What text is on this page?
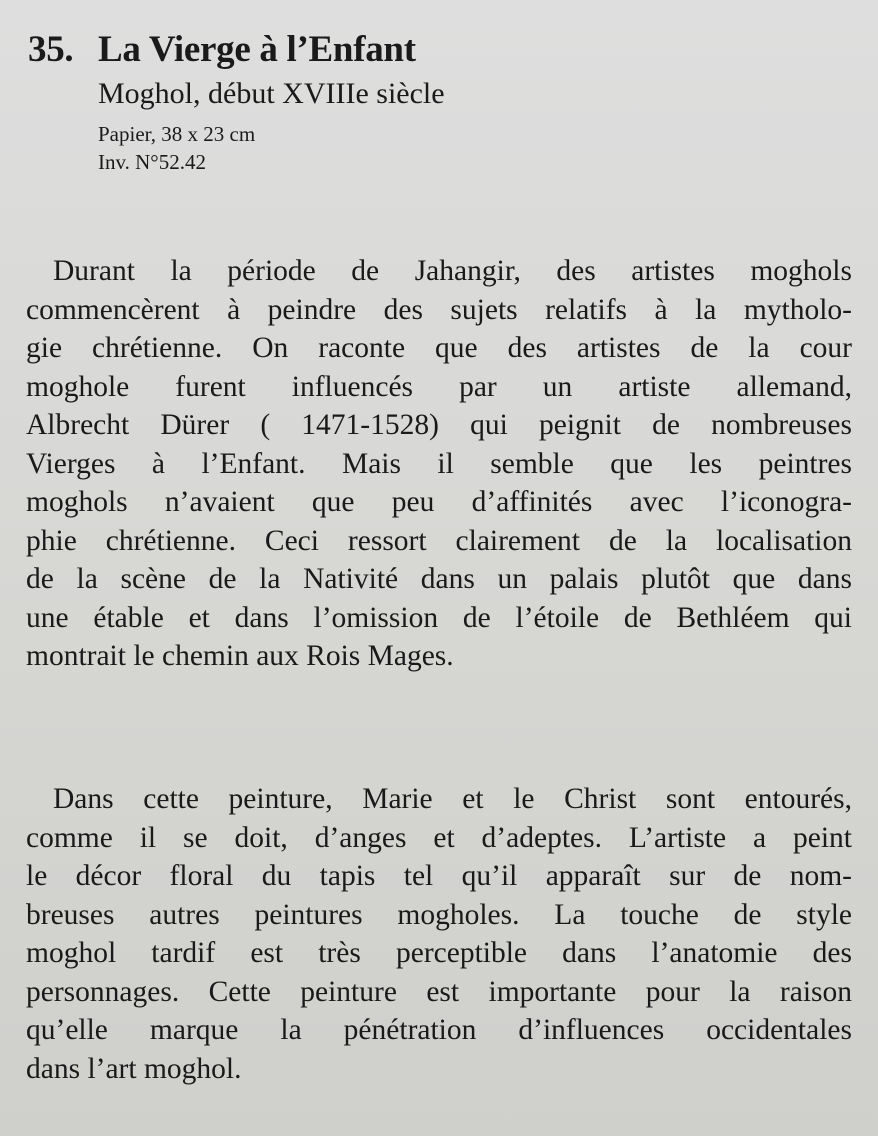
35. La Vierge à l’Enfant
Moghol, début XVIIIe siècle
Papier, 38 x 23 cm
Inv. N°52.42
Durant la période de Jahangir, des artistes moghols
commencèrent à peindre des sujets relatifs à la mytholo-
gie chrétienne. On raconte que des artistes de la cour
moghole furent influencés par un artiste allemand,
Albrecht Dürer ( 1471-1528) qui peignit de nombreuses
Vierges à l’Enfant. Mais il semble que les peintres
moghols n’avaient que peu d’affinités avec l’iconogra-
phie chrétienne. Ceci ressort clairement de la localisation
de la scène de la Nativité dans un palais plutôt que dans
une étable et dans l’omission de l’étoile de Bethléem qui
montrait le chemin aux Rois Mages.
Dans cette peinture, Marie et le Christ sont entourés,
comme il se doit, d’anges et d’adeptes. L’artiste a peint
le décor floral du tapis tel qu’il apparaît sur de nom-
breuses autres peintures mogholes. La touche de style
moghol tardif est très perceptible dans l’anatomie des
personnages. Cette peinture est importante pour la raison
qu’elle marque la pénétration d’influences occidentales
dans l’art moghol.
